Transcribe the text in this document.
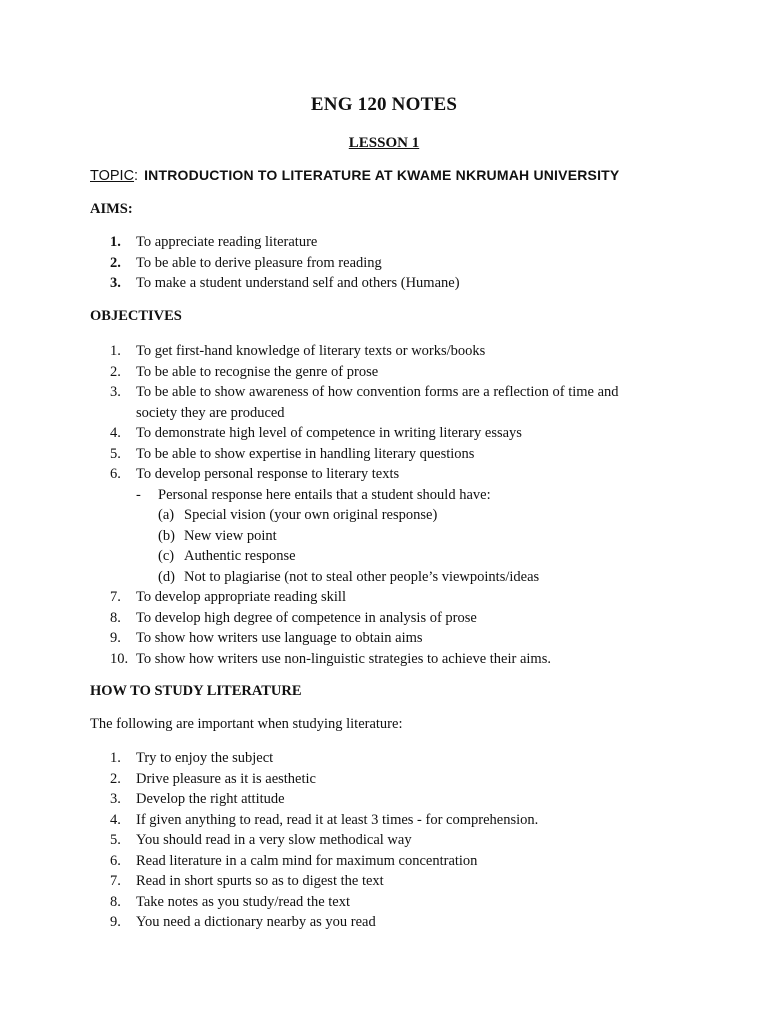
ENG 120 NOTES
LESSON 1
TOPIC: INTRODUCTION TO LITERATURE AT KWAME NKRUMAH UNIVERSITY
AIMS:
1. To appreciate reading literature
2. To be able to derive pleasure from reading
3. To make a student understand self and others (Humane)
OBJECTIVES
1. To get first-hand knowledge of literary texts or works/books
2. To be able to recognise the genre of prose
3. To be able to show awareness of how convention forms are a reflection of time and society they are produced
4. To demonstrate high level of competence in writing literary essays
5. To be able to show expertise in handling literary questions
6. To develop personal response to literary texts
- Personal response here entails that a student should have:
(a) Special vision (your own original response)
(b) New view point
(c) Authentic response
(d) Not to plagiarise (not to steal other people’s viewpoints/ideas
7. To develop appropriate reading skill
8. To develop high degree of competence in analysis of prose
9. To show how writers use language to obtain aims
10. To show how writers use non-linguistic strategies to achieve their aims.
HOW TO STUDY LITERATURE
The following are important when studying literature:
1. Try to enjoy the subject
2. Drive pleasure as it is aesthetic
3. Develop the right attitude
4. If given anything to read, read it at least 3 times - for comprehension.
5. You should read in a very slow methodical way
6. Read literature in a calm mind for maximum concentration
7. Read in short spurts so as to digest the text
8. Take notes as you study/read the text
9. You need a dictionary nearby as you read
